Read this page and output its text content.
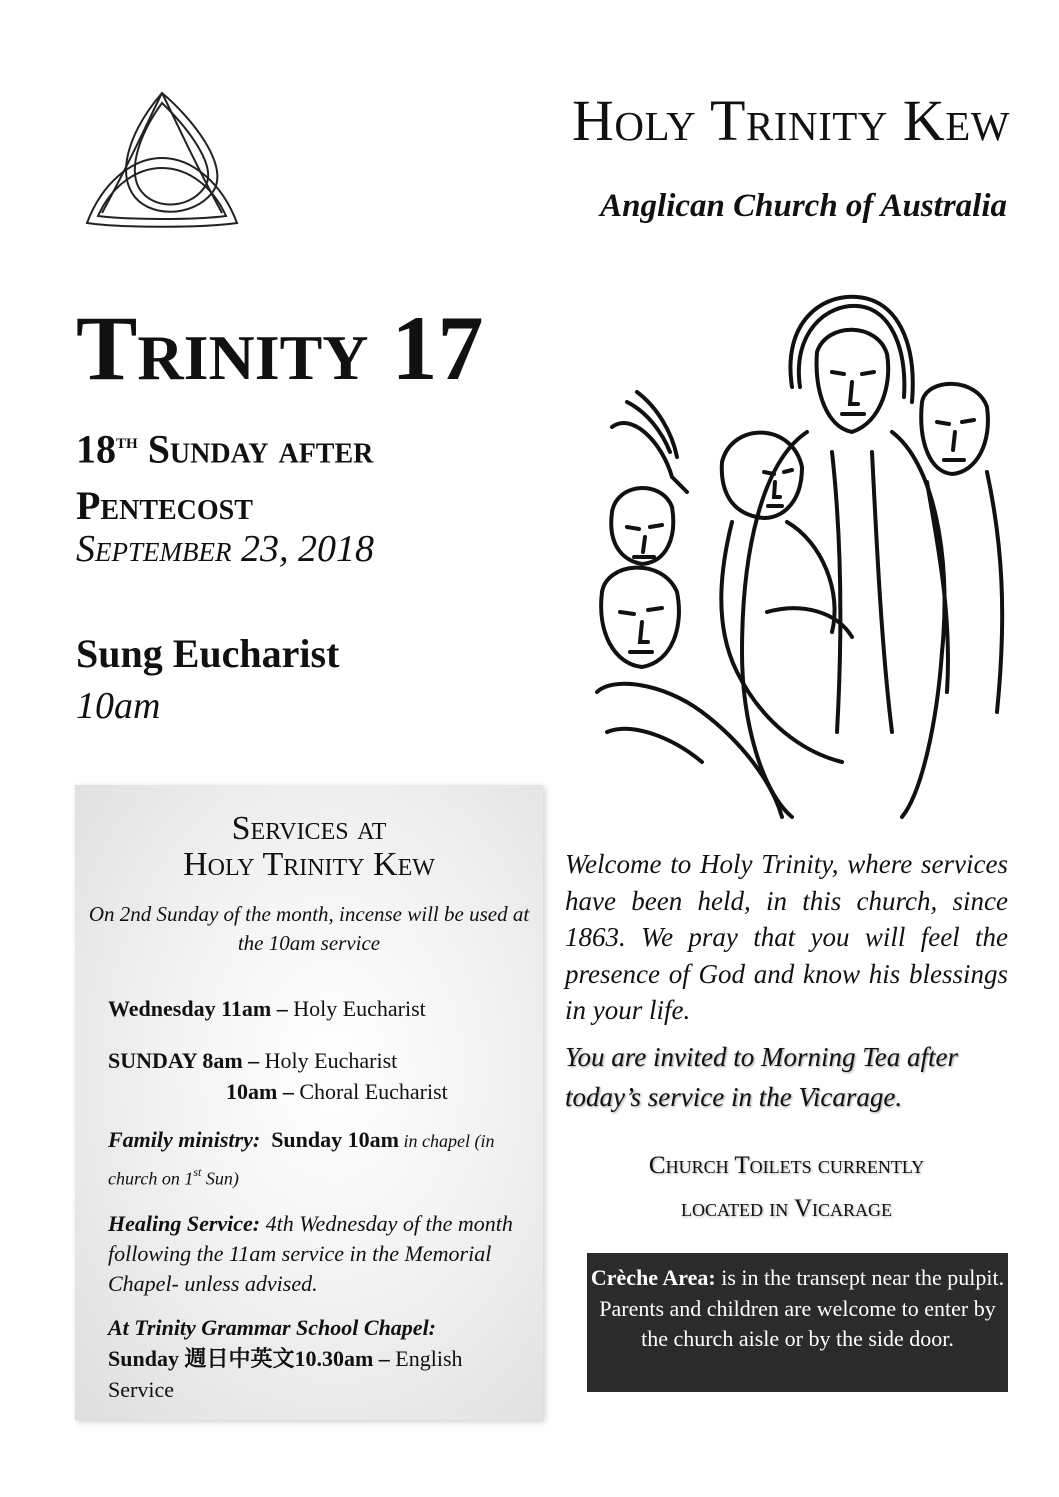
Holy Trinity Kew
Anglican Church of Australia
Trinity 17
18th Sunday after
Pentecost
September 23, 2018
Sung Eucharist
10am
Services at
Holy Trinity Kew
On 2nd Sunday of the month, incense will be used at the 10am service
Wednesday 11am – Holy Eucharist
SUNDAY 8am – Holy Eucharist
10am – Choral Eucharist
Family ministry: Sunday 10am in chapel (in church on 1st Sun)
Healing Service: 4th Wednesday of the month following the 11am service in the Memorial Chapel- unless advised.
At Trinity Grammar School Chapel:
Sunday 週日中英文10.30am – English Service
Welcome to Holy Trinity, where services have been held, in this church, since 1863. We pray that you will feel the presence of God and know his blessings in your life.
You are invited to Morning Tea after today’s service in the Vicarage.
Church Toilets currently
located in Vicarage
Crèche Area: is in the transept near the pulpit. Parents and children are welcome to enter by the church aisle or by the side door.
